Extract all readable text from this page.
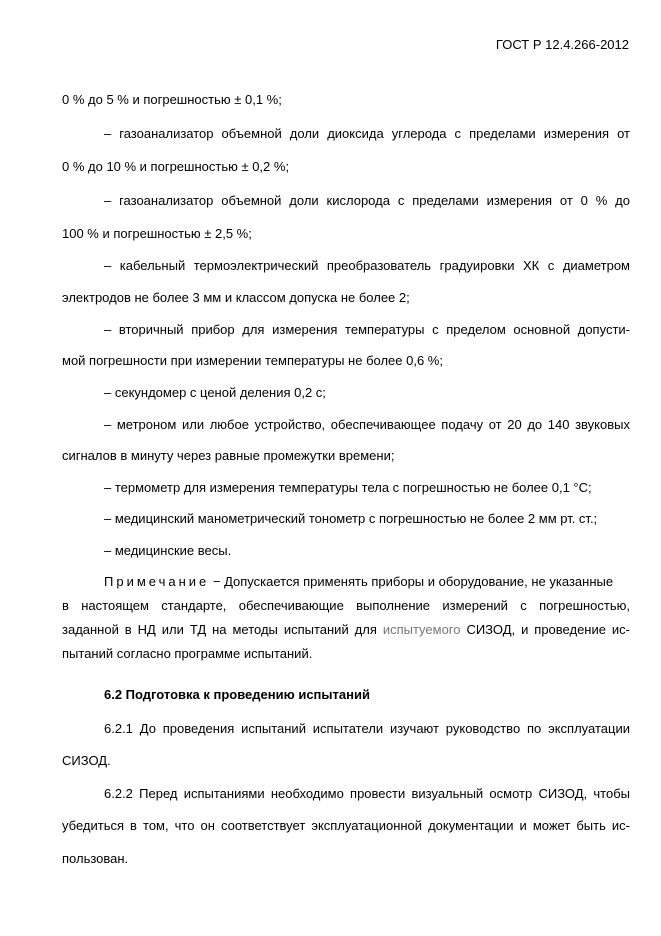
ГОСТ Р 12.4.266-2012
0 % до 5 % и погрешностью ± 0,1 %;
– газоанализатор объемной доли диоксида углерода с пределами измерения от
0 % до 10 % и погрешностью ± 0,2 %;
– газоанализатор объемной доли кислорода с пределами измерения от 0 % до
100 % и погрешностью ± 2,5 %;
– кабельный термоэлектрический преобразователь градуировки ХК с диаметром
электродов не более 3 мм и классом допуска не более 2;
– вторичный прибор для измерения температуры с пределом основной допусти-
мой погрешности при измерении температуры не более 0,6 %;
– секундомер с ценой деления 0,2 с;
– метроном или любое устройство, обеспечивающее подачу от 20 до 140 звуковых
сигналов в минуту через равные промежутки времени;
– термометр для измерения температуры тела с погрешностью не более 0,1 °С;
– медицинский манометрический тонометр с погрешностью не более 2 мм рт. ст.;
– медицинские весы.
Примечание − Допускается применять приборы и оборудование, не указанные
в настоящем стандарте, обеспечивающие выполнение измерений с погрешностью,
заданной в НД или ТД на методы испытаний для испытуемого СИЗОД, и проведение ис-
пытаний согласно программе испытаний.
6.2 Подготовка к проведению испытаний
6.2.1 До проведения испытаний испытатели изучают руководство по эксплуатации
СИЗОД.
6.2.2 Перед испытаниями необходимо провести визуальный осмотр СИЗОД, чтобы
убедиться в том, что он соответствует эксплуатационной документации и может быть ис-
пользован.
